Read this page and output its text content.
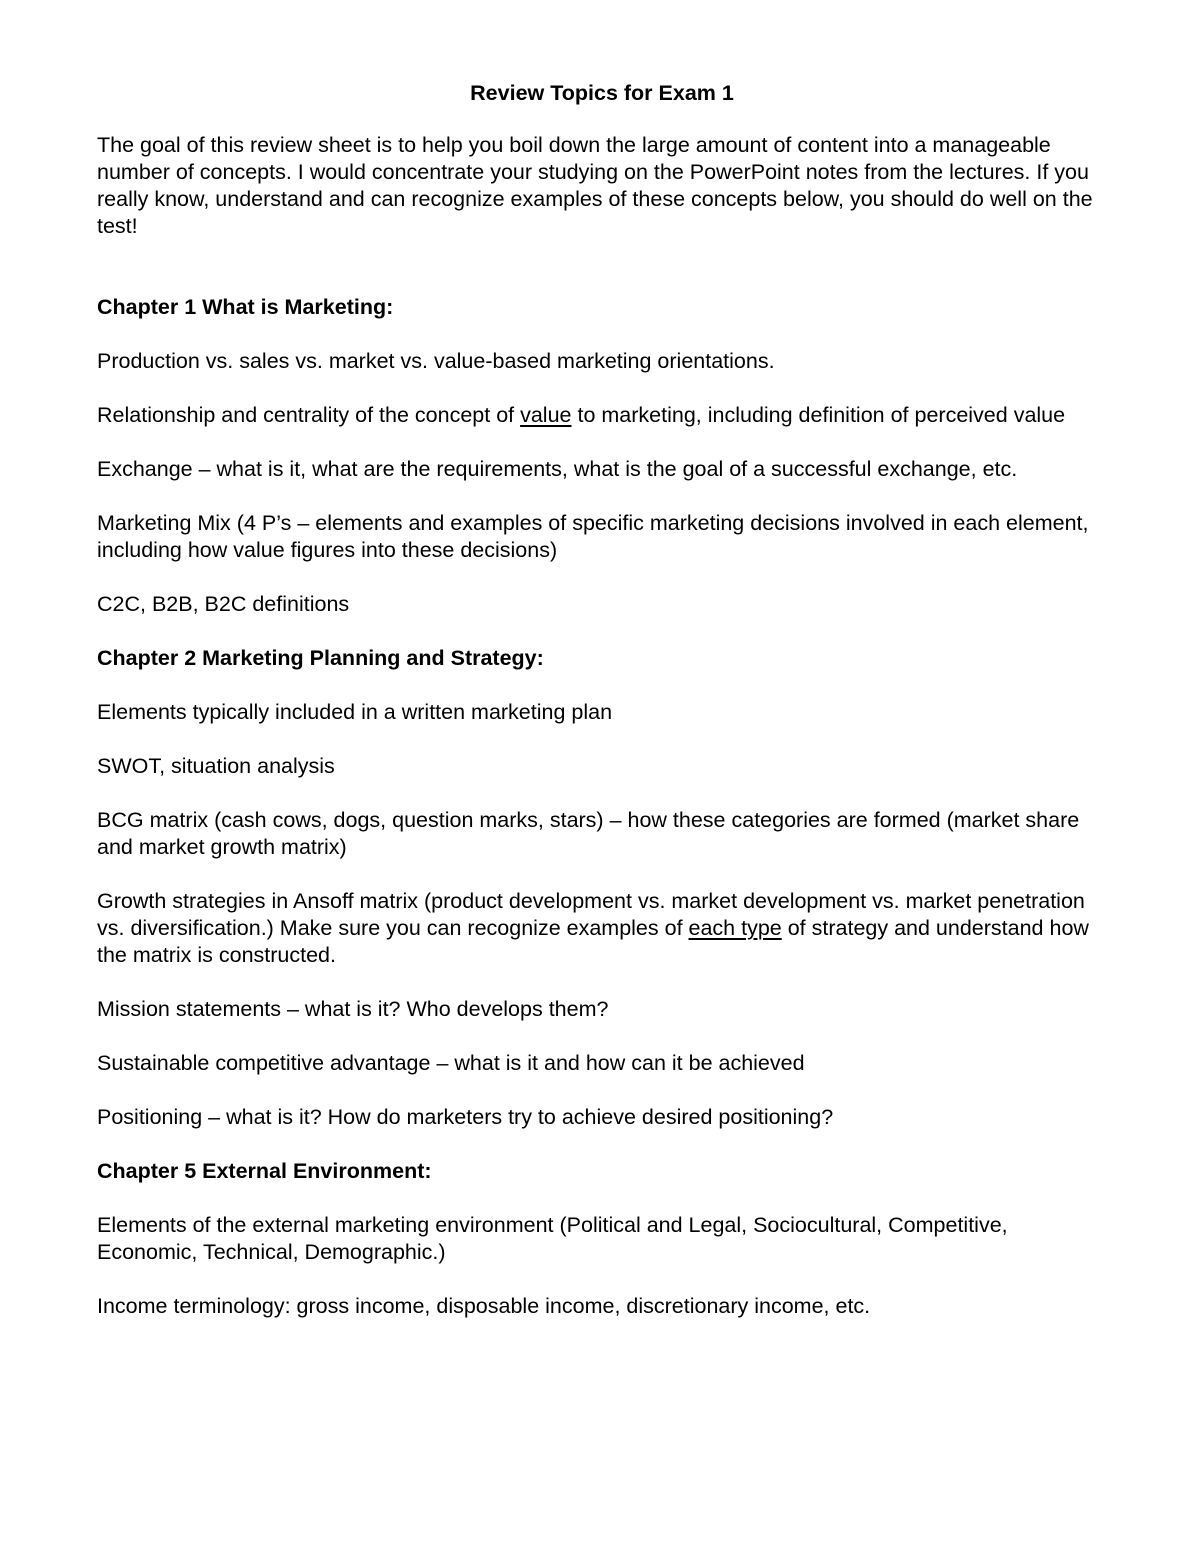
Review Topics for Exam 1
The goal of this review sheet is to help you boil down the large amount of content into a manageable number of concepts. I would concentrate your studying on the PowerPoint notes from the lectures. If you really know, understand and can recognize examples of these concepts below, you should do well on the test!
Chapter 1 What is Marketing:
Production vs. sales vs. market vs. value-based marketing orientations.
Relationship and centrality of the concept of value to marketing, including definition of perceived value
Exchange – what is it, what are the requirements, what is the goal of a successful exchange, etc.
Marketing Mix (4 P’s – elements and examples of specific marketing decisions involved in each element, including how value figures into these decisions)
C2C, B2B, B2C definitions
Chapter 2 Marketing Planning and Strategy:
Elements typically included in a written marketing plan
SWOT, situation analysis
BCG matrix (cash cows, dogs, question marks, stars) – how these categories are formed (market share and market growth matrix)
Growth strategies in Ansoff matrix (product development vs. market development vs. market penetration vs. diversification.) Make sure you can recognize examples of each type of strategy and understand how the matrix is constructed.
Mission statements – what is it? Who develops them?
Sustainable competitive advantage – what is it and how can it be achieved
Positioning – what is it? How do marketers try to achieve desired positioning?
Chapter 5 External Environment:
Elements of the external marketing environment (Political and Legal, Sociocultural, Competitive, Economic, Technical, Demographic.)
Income terminology: gross income, disposable income, discretionary income, etc.
